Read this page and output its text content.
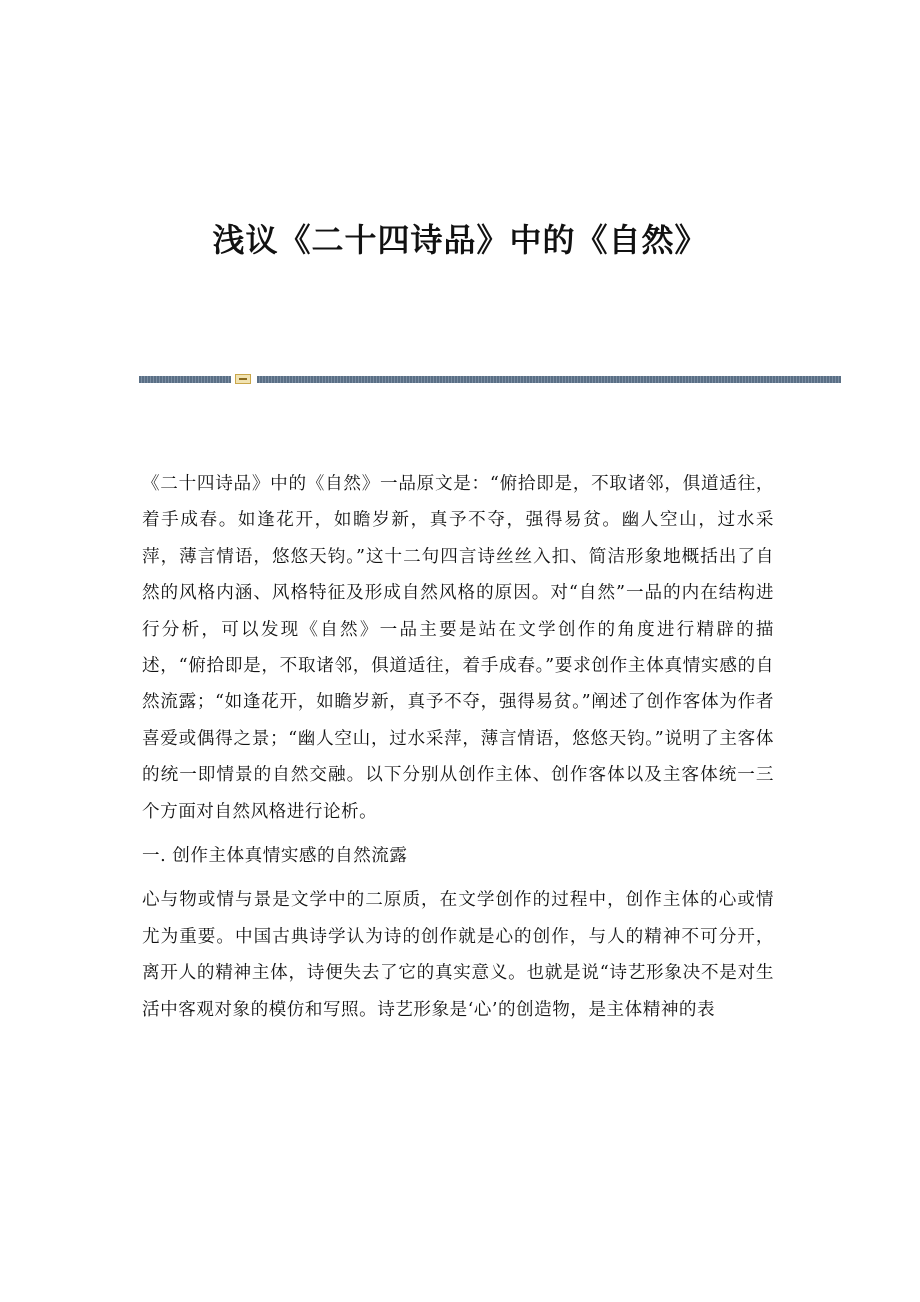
浅议《二十四诗品》中的《自然》

《二十四诗品》中的《自然》一品原文是：“俯拾即是，不取诸邻，俱道适往，着手成春。如逢花开，如瞻岁新，真予不夺，强得易贫。幽人空山，过水采萍，薄言情语，悠悠天钧。”这十二句四言诗丝丝入扣、简洁形象地概括出了自然的风格内涵、风格特征及形成自然风格的原因。对“自然”一品的内在结构进行分析，可以发现《自然》一品主要是站在文学创作的角度进行精辟的描述，“俯拾即是，不取诸邻，俱道适往，着手成春。”要求创作主体真情实感的自然流露；“如逢花开，如瞻岁新，真予不夺，强得易贫。”阐述了创作客体为作者喜爱或偶得之景；“幽人空山，过水采萍，薄言情语，悠悠天钧。”说明了主客体的统一即情景的自然交融。以下分别从创作主体、创作客体以及主客体统一三个方面对自然风格进行论析。

一. 创作主体真情实感的自然流露

心与物或情与景是文学中的二原质，在文学创作的过程中，创作主体的心或情尤为重要。中国古典诗学认为诗的创作就是心的创作，与人的精神不可分开，离开人的精神主体，诗便失去了它的真实意义。也就是说“诗艺形象决不是对生活中客观对象的模仿和写照。诗艺形象是‘心’的创造物，是主体精神的表
